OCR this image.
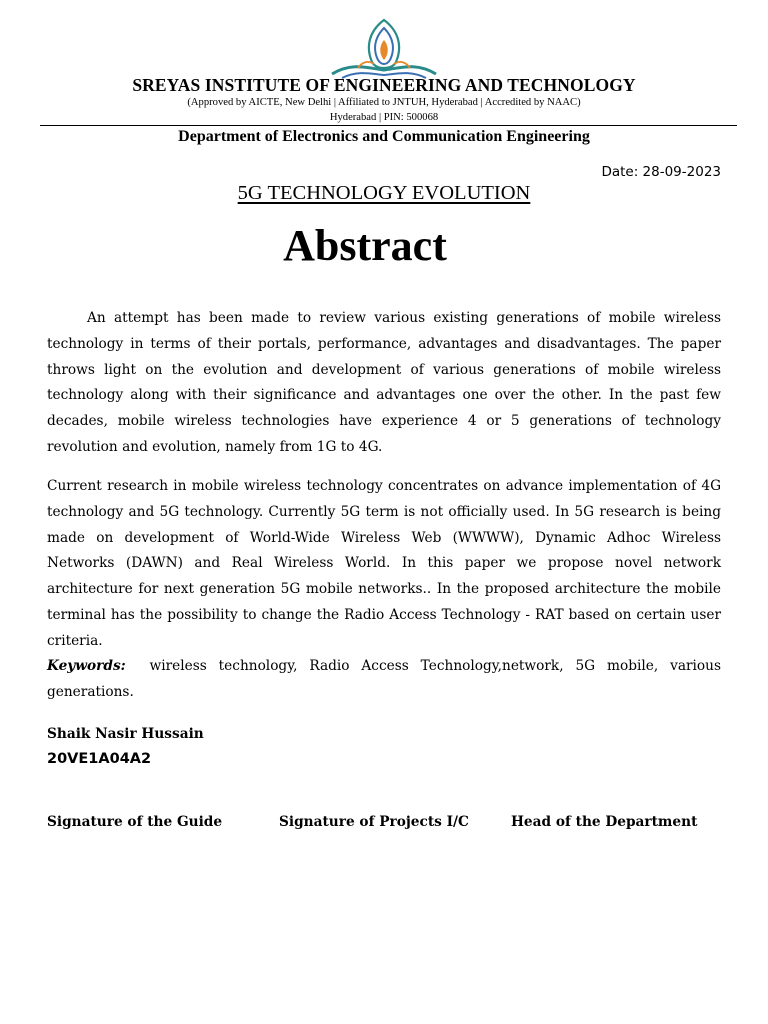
SREYAS INSTITUTE OF ENGINEERING AND TECHNOLOGY
(Approved by AICTE, New Delhi | Affiliated to JNTUH, Hyderabad | Accredited by NAAC)
Hyderabad | PIN: 500068
Department of Electronics and Communication Engineering
Date: 28-09-2023
5G TECHNOLOGY EVOLUTION
Abstract

An attempt has been made to review various existing generations of mobile wireless technology in terms of their portals, performance, advantages and disadvantages. The paper throws light on the evolution and development of various generations of mobile wireless technology along with their significance and advantages one over the other. In the past few decades, mobile wireless technologies have experience 4 or 5 generations of technology revolution and evolution, namely from 1G to 4G.

Current research in mobile wireless technology concentrates on advance implementation of 4G technology and 5G technology. Currently 5G term is not officially used. In 5G research is being made on development of World-Wide Wireless Web (WWWW), Dynamic Adhoc Wireless Networks (DAWN) and Real Wireless World. In this paper we propose novel network architecture for next generation 5G mobile networks.. In the proposed architecture the mobile terminal has the possibility to change the Radio Access Technology - RAT based on certain user criteria.

Keywords: wireless technology, Radio Access Technology,network, 5G mobile, various generations.

Shaik Nasir Hussain
20VE1A04A2
Signature of the Guide	Signature of Projects I/C	Head of the Department
